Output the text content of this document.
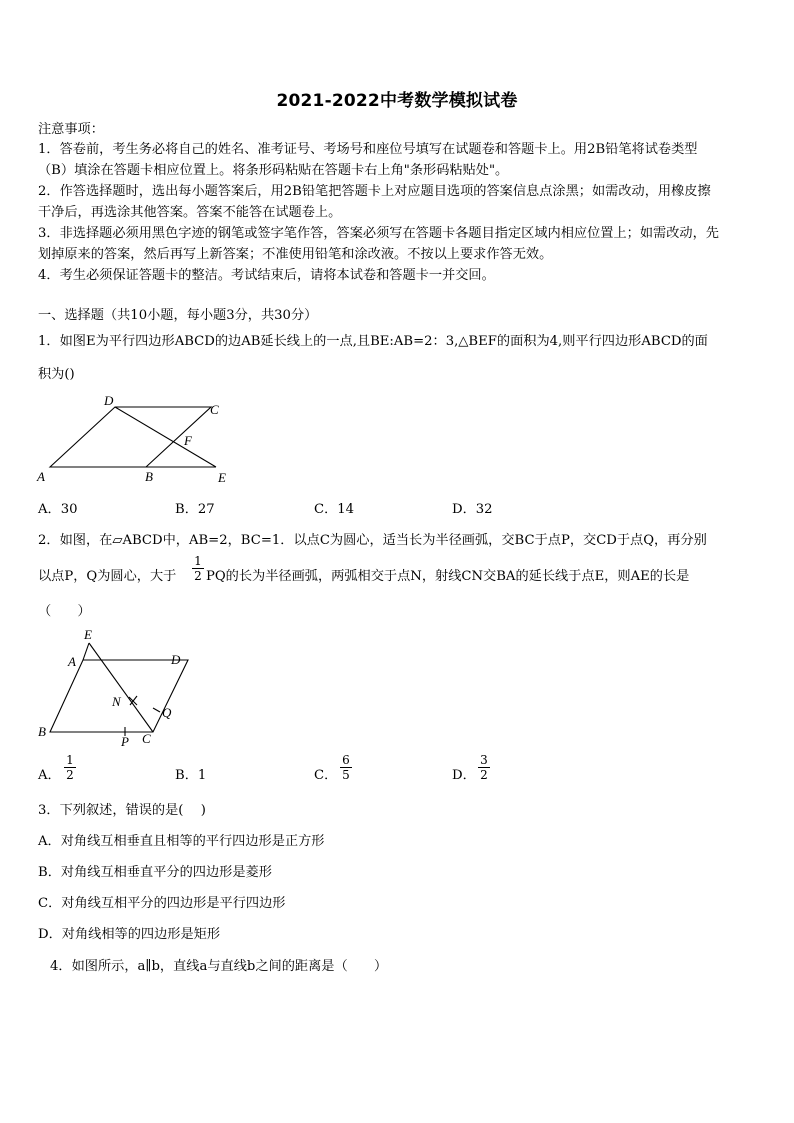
2021-2022中考数学模拟试卷
注意事项：
1．答卷前，考生务必将自己的姓名、准考证号、考场号和座位号填写在试题卷和答题卡上。用2B铅笔将试卷类型
（B）填涂在答题卡相应位置上。将条形码粘贴在答题卡右上角"条形码粘贴处"。
2．作答选择题时，选出每小题答案后，用2B铅笔把答题卡上对应题目选项的答案信息点涂黑；如需改动，用橡皮擦
干净后，再选涂其他答案。答案不能答在试题卷上。
3．非选择题必须用黑色字迹的钢笔或签字笔作答，答案必须写在答题卡各题目指定区域内相应位置上；如需改动，先
划掉原来的答案，然后再写上新答案；不准使用铅笔和涂改液。不按以上要求作答无效。
4．考生必须保证答题卡的整洁。考试结束后，请将本试卷和答题卡一并交回。
一、选择题（共10小题，每小题3分，共30分）
1．如图E为平行四边形ABCD的边AB延长线上的一点,且BE:AB=2：3,△BEF的面积为4,则平行四边形ABCD的面
积为()
A	B
C
D
E
F
A．30	B．27	C．14	D．32
2．如图，在▱ABCD中，AB=2，BC=1．以点C为圆心，适当长为半径画弧，交BC于点P，交CD于点Q，再分别
以点P，Q为圆心，大于 $\frac{1}{2}$ PQ的长为半径画弧，两弧相交于点N，射线CN交BA的延长线于点E，则AE的长是
（　　）
B
A
E
D
N
Q
P C
A． $\frac{1}{2}$	B．1	C． $\frac{6}{5}$	D． $\frac{3}{2}$
3．下列叙述，错误的是(　 )
A．对角线互相垂直且相等的平行四边形是正方形
B．对角线互相垂直平分的四边形是菱形
C．对角线互相平分的四边形是平行四边形
D．对角线相等的四边形是矩形
4．如图所示，a∥b，直线a与直线b之间的距离是（　　）
